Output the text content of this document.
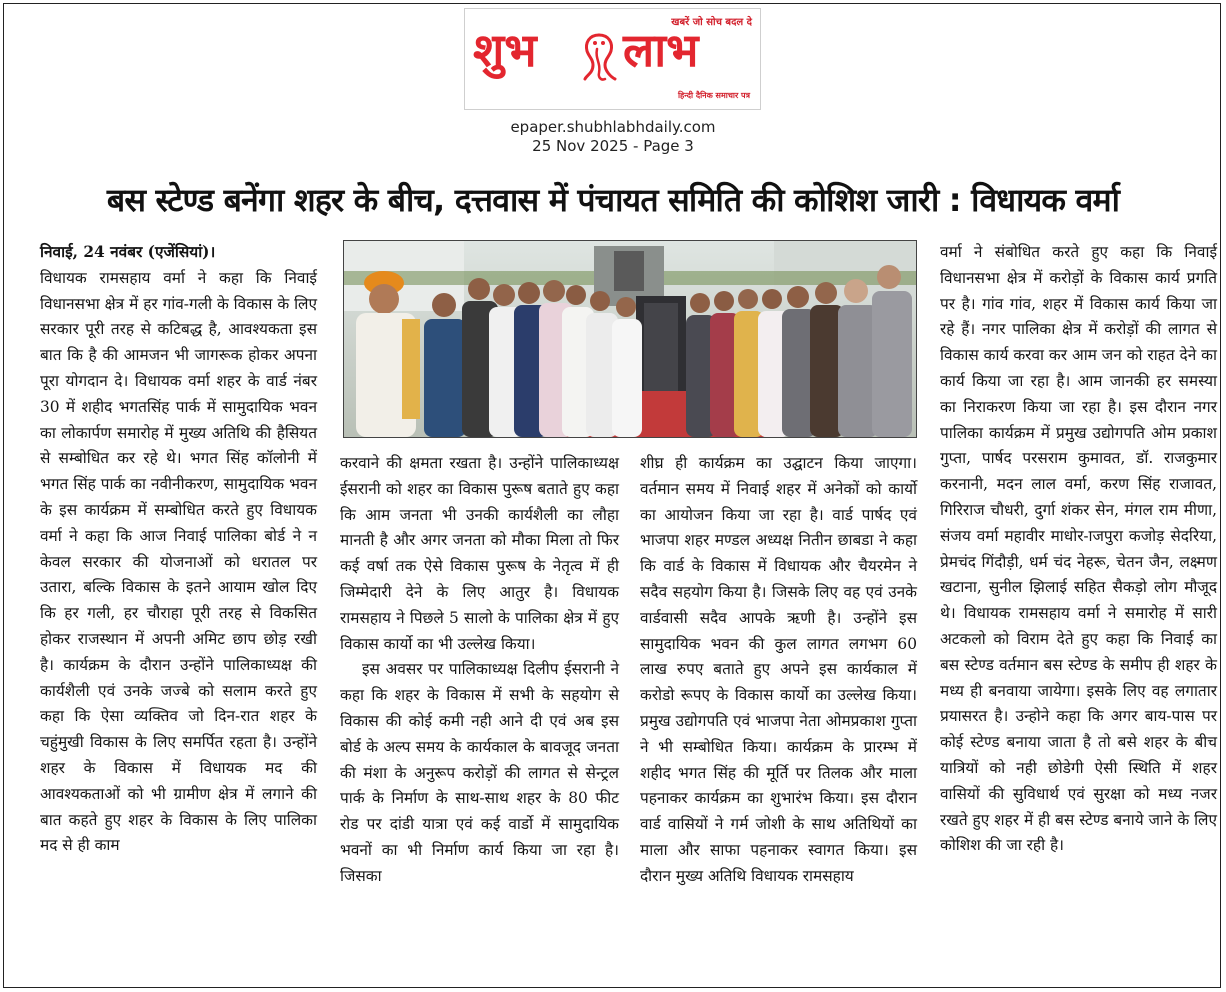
खबरें जो सोच बदल दे
शुभ लाभ
हिन्दी दैनिक समाचार पत्र
epaper.shubhlabhdaily.com
25 Nov 2025 - Page 3
बस स्टेण्ड बनेंगा शहर के बीच, दत्तवास में पंचायत समिति की कोशिश जारी : विधायक वर्मा

निवाई, 24 नवंबर (एजेंसियां)।

विधायक रामसहाय वर्मा ने कहा कि निवाई विधानसभा क्षेत्र में हर गांव-गली के विकास के लिए सरकार पूरी तरह से कटिबद्ध है, आवश्यकता इस बात कि है की आमजन भी जागरूक होकर अपना पूरा योगदान दे। विधायक वर्मा शहर के वार्ड नंबर 30 में शहीद भगतसिंह पार्क में सामुदायिक भवन का लोकार्पण समारोह में मुख्य अतिथि की हैसियत से सम्बोधित कर रहे थे। भगत सिंह कॉलोनी में भगत सिंह पार्क का नवीनीकरण, सामुदायिक भवन के इस कार्यक्रम में सम्बोधित करते हुए विधायक वर्मा ने कहा कि आज निवाई पालिका बोर्ड ने न केवल सरकार की योजनाओं को धरातल पर उतारा, बल्कि विकास के इतने आयाम खोल दिए कि हर गली, हर चौराहा पूरी तरह से विकसित होकर राजस्थान में अपनी अमिट छाप छोड़ रखी है। कार्यक्रम के दौरान उन्होंने पालिकाध्यक्ष की कार्यशैली एवं उनके जज्बे को सलाम करते हुए कहा कि ऐसा व्यक्तिव जो दिन-रात शहर के चहुंमुखी विकास के लिए समर्पित रहता है। उन्होंने शहर के विकास में विधायक मद की आवश्यकताओं को भी ग्रामीण क्षेत्र में लगाने की बात कहते हुए शहर के विकास के लिए पालिका मद से ही काम

करवाने की क्षमता रखता है। उन्होंने पालिकाध्यक्ष ईसरानी को शहर का विकास पुरूष बताते हुए कहा कि आम जनता भी उनकी कार्यशैली का लौहा मानती है और अगर जनता को मौका मिला तो फिर कई वर्षा तक ऐसे विकास पुरूष के नेतृत्व में ही जिम्मेदारी देने के लिए आतुर है। विधायक रामसहाय ने पिछले 5 सालो के पालिका क्षेत्र में हुए विकास कार्यो का भी उल्लेख किया।

इस अवसर पर पालिकाध्यक्ष दिलीप ईसरानी ने कहा कि शहर के विकास में सभी के सहयोग से विकास की कोई कमी नही आने दी एवं अब इस बोर्ड के अल्प समय के कार्यकाल के बावजूद जनता की मंशा के अनुरूप करोड़ों की लागत से सेन्ट्रल पार्क के निर्माण के साथ-साथ शहर के 80 फीट रोड पर दांडी यात्रा एवं कई वार्डो में सामुदायिक भवनों का भी निर्माण कार्य किया जा रहा है। जिसका

शीघ्र ही कार्यक्रम का उद्घाटन किया जाएगा। वर्तमान समय में निवाई शहर में अनेकों को कार्यो का आयोजन किया जा रहा है। वार्ड पार्षद एवं भाजपा शहर मण्डल अध्यक्ष नितीन छाबडा ने कहा कि वार्ड के विकास में विधायक और चैयरमेन ने सदैव सहयोग किया है। जिसके लिए वह एवं उनके वार्डवासी सदैव आपके ऋणी है। उन्होंने इस सामुदायिक भवन की कुल लागत लगभग 60 लाख रुपए बताते हुए अपने इस कार्यकाल में करोडो रूपए के विकास कार्यो का उल्लेख किया। प्रमुख उद्योगपति एवं भाजपा नेता ओमप्रकाश गुप्ता ने भी सम्बोधित किया। कार्यक्रम के प्रारम्भ में शहीद भगत सिंह की मूर्ति पर तिलक और माला पहनाकर कार्यक्रम का शुभारंभ किया। इस दौरान वार्ड वासियों ने गर्म जोशी के साथ अतिथियों का माला और साफा पहनाकर स्वागत किया। इस दौरान मुख्य अतिथि विधायक रामसहाय

वर्मा ने संबोधित करते हुए कहा कि निवाई विधानसभा क्षेत्र में करोड़ों के विकास कार्य प्रगति पर है। गांव गांव, शहर में विकास कार्य किया जा रहे हैं। नगर पालिका क्षेत्र में करोड़ों की लागत से विकास कार्य करवा कर आम जन को राहत देने का कार्य किया जा रहा है। आम जानकी हर समस्या का निराकरण किया जा रहा है। इस दौरान नगर पालिका कार्यक्रम में प्रमुख उद्योगपति ओम प्रकाश गुप्ता, पार्षद परसराम कुमावत, डॉ. राजकुमार करनानी, मदन लाल वर्मा, करण सिंह राजावत, गिरिराज चौधरी, दुर्गा शंकर सेन, मंगल राम मीणा, संजय वर्मा महावीर माधोर-ाजपुरा कजोड़ सेदरिया, प्रेमचंद गिंदौड़ी, धर्म चंद नेहरू, चेतन जैन, लक्ष्मण खटाना, सुनील झिलाई सहित सैकड़ो लोग मौजूद थे। विधायक रामसहाय वर्मा ने समारोह में सारी अटकलो को विराम देते हुए कहा कि निवाई का बस स्टेण्ड वर्तमान बस स्टेण्ड के समीप ही शहर के मध्य ही बनवाया जायेगा। इसके लिए वह लगातार प्रयासरत है। उन्होने कहा कि अगर बाय-पास पर कोई स्टेण्ड बनाया जाता है तो बसे शहर के बीच यात्रियों को नही छोडेगी ऐसी स्थिति में शहर वासियों की सुविधार्थ एवं सुरक्षा को मध्य नजर रखते हुए शहर में ही बस स्टेण्ड बनाये जाने के लिए कोशिश की जा रही है।
